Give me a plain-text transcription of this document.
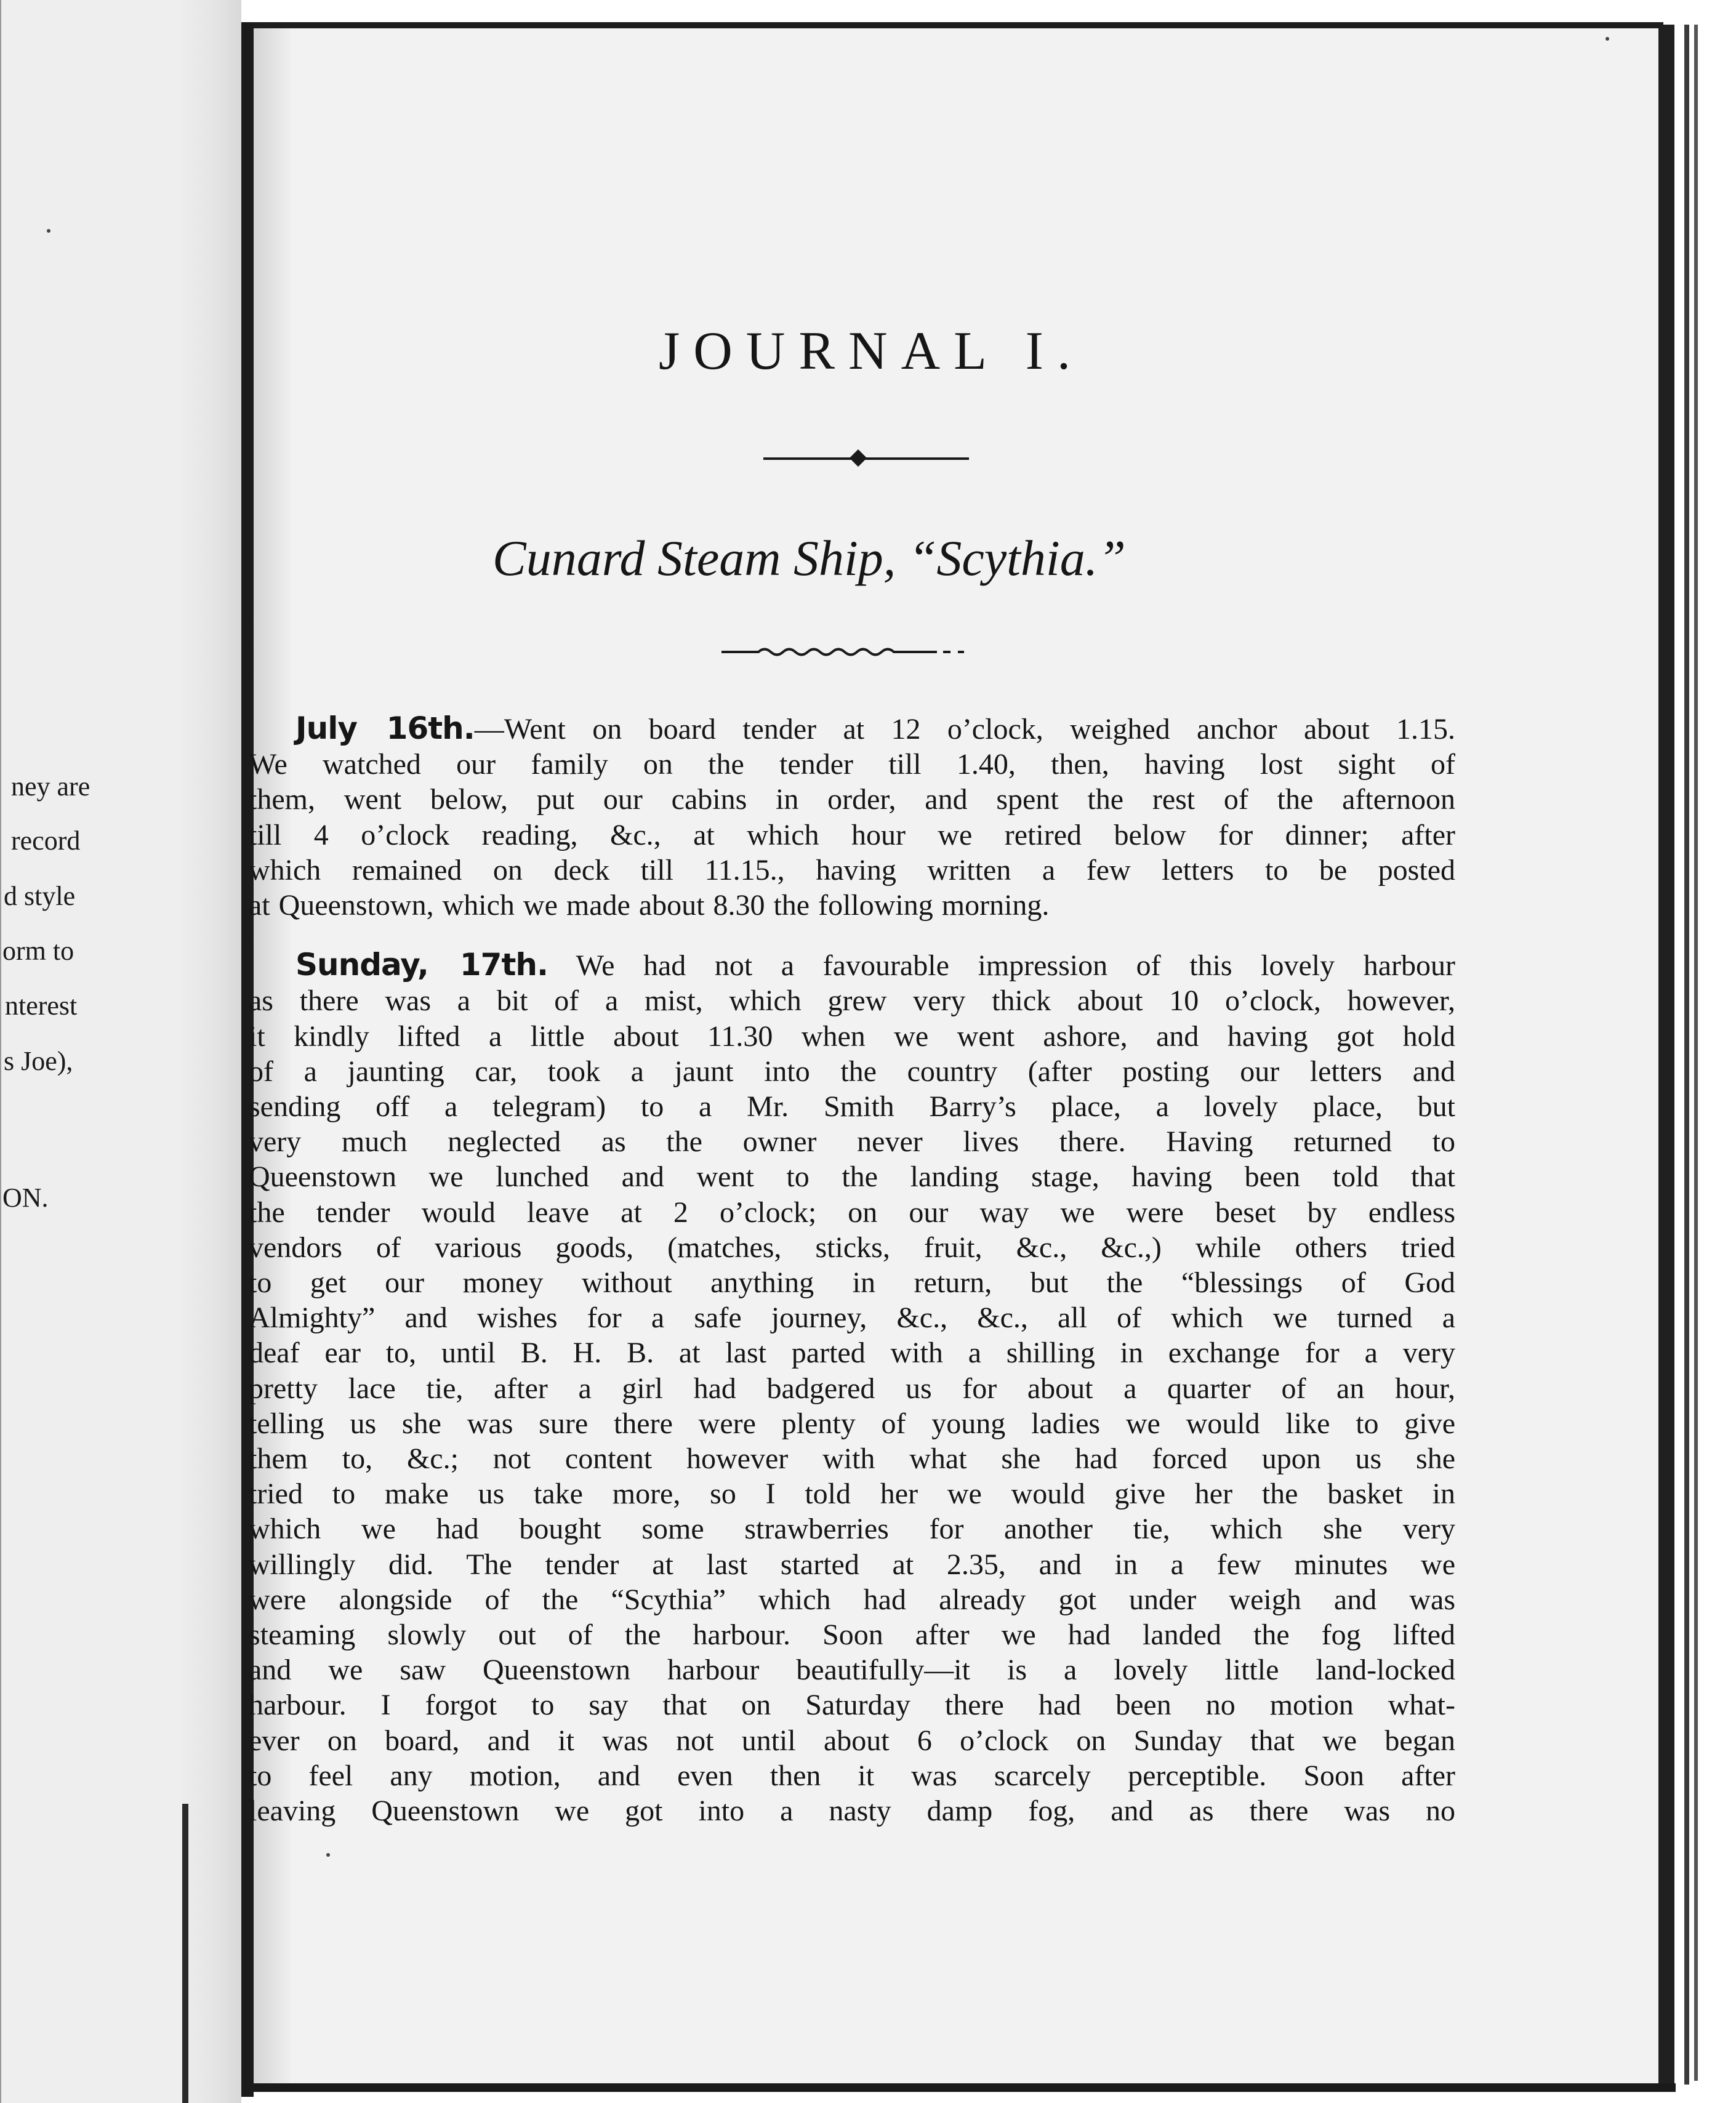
ney are
record
d style
orm to
nterest
s Joe),
ON.
JOURNAL I.
Cunard Steam Ship, “Scythia.”
July 16th.—Went on board tender at 12 o’clock, weighed anchor about 1.15.
We watched our family on the tender till 1.40, then, having lost sight of
them, went below, put our cabins in order, and spent the rest of the afternoon
till 4 o’clock reading, &c., at which hour we retired below for dinner; after
which remained on deck till 11.15., having written a few letters to be posted
at Queenstown, which we made about 8.30 the following morning.
Sunday, 17th. We had not a favourable impression of this lovely harbour
as there was a bit of a mist, which grew very thick about 10 o’clock, however,
it kindly lifted a little about 11.30 when we went ashore, and having got hold
of a jaunting car, took a jaunt into the country (after posting our letters and
sending off a telegram) to a Mr. Smith Barry’s place, a lovely place, but
very much neglected as the owner never lives there. Having returned to
Queenstown we lunched and went to the landing stage, having been told that
the tender would leave at 2 o’clock; on our way we were beset by endless
vendors of various goods, (matches, sticks, fruit, &c., &c.,) while others tried
to get our money without anything in return, but the “blessings of God
Almighty” and wishes for a safe journey, &c., &c., all of which we turned a
deaf ear to, until B. H. B. at last parted with a shilling in exchange for a very
pretty lace tie, after a girl had badgered us for about a quarter of an hour,
telling us she was sure there were plenty of young ladies we would like to give
them to, &c.; not content however with what she had forced upon us she
tried to make us take more, so I told her we would give her the basket in
which we had bought some strawberries for another tie, which she very
willingly did. The tender at last started at 2.35, and in a few minutes we
were alongside of the “Scythia” which had already got under weigh and was
steaming slowly out of the harbour. Soon after we had landed the fog lifted
and we saw Queenstown harbour beautifully—it is a lovely little land-locked
harbour. I forgot to say that on Saturday there had been no motion what-
ever on board, and it was not until about 6 o’clock on Sunday that we began
to feel any motion, and even then it was scarcely perceptible. Soon after
leaving Queenstown we got into a nasty damp fog, and as there was no
